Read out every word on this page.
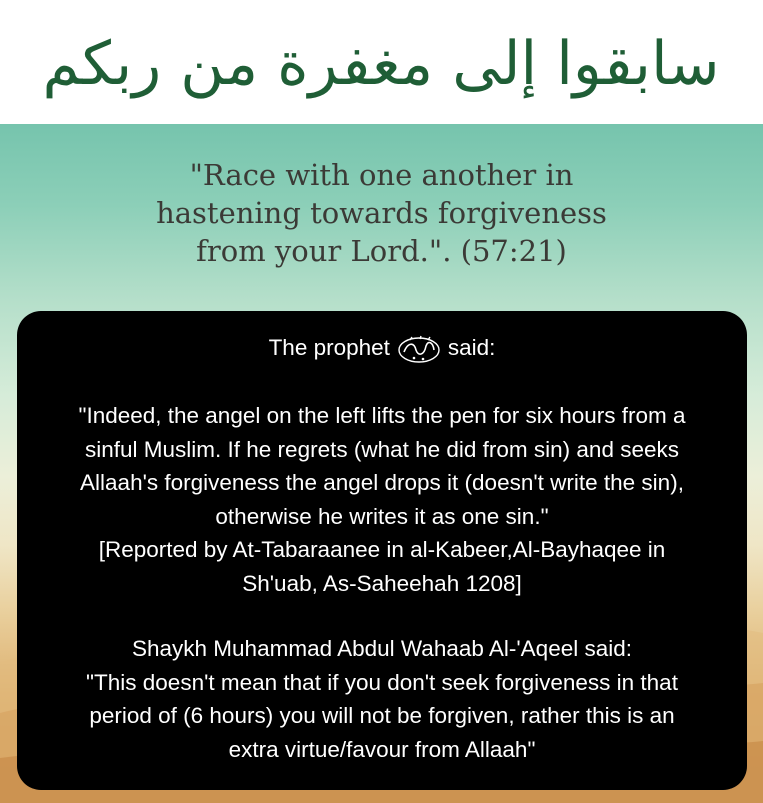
سابقوا إلى مغفرة من ربكم
"Race with one another in
hastening towards forgiveness
from your Lord.". (57:21)
The prophet	said:
"Indeed, the angel on the left lifts the pen for six hours from a
sinful Muslim. If he regrets (what he did from sin) and seeks
Allaah's forgiveness the angel drops it (doesn't write the sin),
otherwise he writes it as one sin."
[Reported by At-Tabaraanee in al-Kabeer,Al-Bayhaqee in
Sh'uab, As-Saheehah 1208]
Shaykh Muhammad Abdul Wahaab Al-'Aqeel said:
"This doesn't mean that if you don't seek forgiveness in that
period of (6 hours) you will not be forgiven, rather this is an
extra virtue/favour from Allaah"
